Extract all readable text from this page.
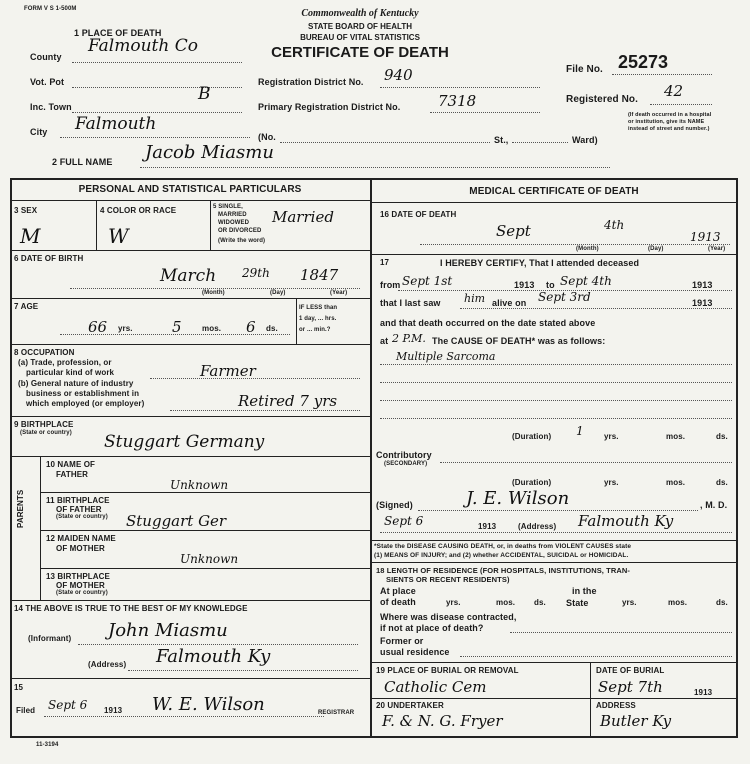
FORM V S 1-500M	Commonwealth of Kentucky
STATE BOARD OF HEALTH
BUREAU OF VITAL STATISTICS
CERTIFICATE OF DEATH
1 PLACE OF DEATH
County
Falmouth Co
Vot. Pot
Inc. Town
B
City Falmouth
Registration District No. 940
Primary Registration District No.	7318
(No.	St.,	Ward)
File No. 25273
Registered No. 42
(If death occurred in a hospital or institution, give its NAME instead of street and number.)
2 FULL NAME Jacob Miasmu
PERSONAL AND STATISTICAL PARTICULARS
3 SEX
M
4 COLOR OR RACE
W
5 SINGLE,
MARRIED
WIDOWED
OR DIVORCED
(Write the word)
Married
6 DATE OF BIRTH
March 29th 1847
(Month)	(Day)	(Year)
7 AGE
66 yrs.	5	mos. 6 ds.
IF LESS than
1 day, ... hrs.
or ... min.?
8 OCCUPATION
(a) Trade, profession, or
particular kind of work	Farmer
(b) General nature of industry
business or establishment in
which employed (or employer)	Retired 7 yrs
9 BIRTHPLACE
(State or country) Stuggart Germany
PARENTS
10 NAME OF
FATHER
Unknown
11 BIRTHPLACE
OF FATHER
(State or country) Stuggart Ger
12 MAIDEN NAME
OF MOTHER
Unknown
13 BIRTHPLACE
OF MOTHER
(State or country)
14 THE ABOVE IS TRUE TO THE BEST OF MY KNOWLEDGE
(Informant) John Miasmu
(Address) Falmouth Ky
15
Filed Sept 6 1913 W. E. Wilson	REGISTRAR
11-3194
MEDICAL CERTIFICATE OF DEATH
16 DATE OF DEATH
Sept	4th
1913
(Month)	(Day)	(Year)
17	I HEREBY CERTIFY, That I attended deceased
from Sept 1st	1913 to Sept 4th	1913
that I last saw him alive on Sept 3rd	1913
and that death occurred on the date stated above
at 2 P.M. The CAUSE OF DEATH* was as follows:
Multiple Sarcoma
(Duration) 1	yrs.	mos.	ds.
Contributory
(SECONDARY)
(Duration)	yrs.	mos.	ds.
(Signed)	J. E. Wilson	, M. D.
Sept 6	1913	(Address) Falmouth Ky
*State the DISEASE CAUSING DEATH, or, in deaths from VIOLENT CAUSES state
(1) MEANS OF INJURY; and (2) whether ACCIDENTAL, SUICIDAL or HOMICIDAL.
18 LENGTH OF RESIDENCE (FOR HOSPITALS, INSTITUTIONS, TRAN-
SIENTS OR RECENT RESIDENTS)
At place
of death	yrs.	mos. ds.
in the
State	yrs.	mos.	ds.
Where was disease contracted,
if not at place of death?
Former or
usual residence
19 PLACE OF BURIAL OR REMOVAL
Catholic Cem
DATE OF BURIAL
Sept 7th	1913
20 UNDERTAKER
F. & N. G. Fryer
ADDRESS
Butler Ky
